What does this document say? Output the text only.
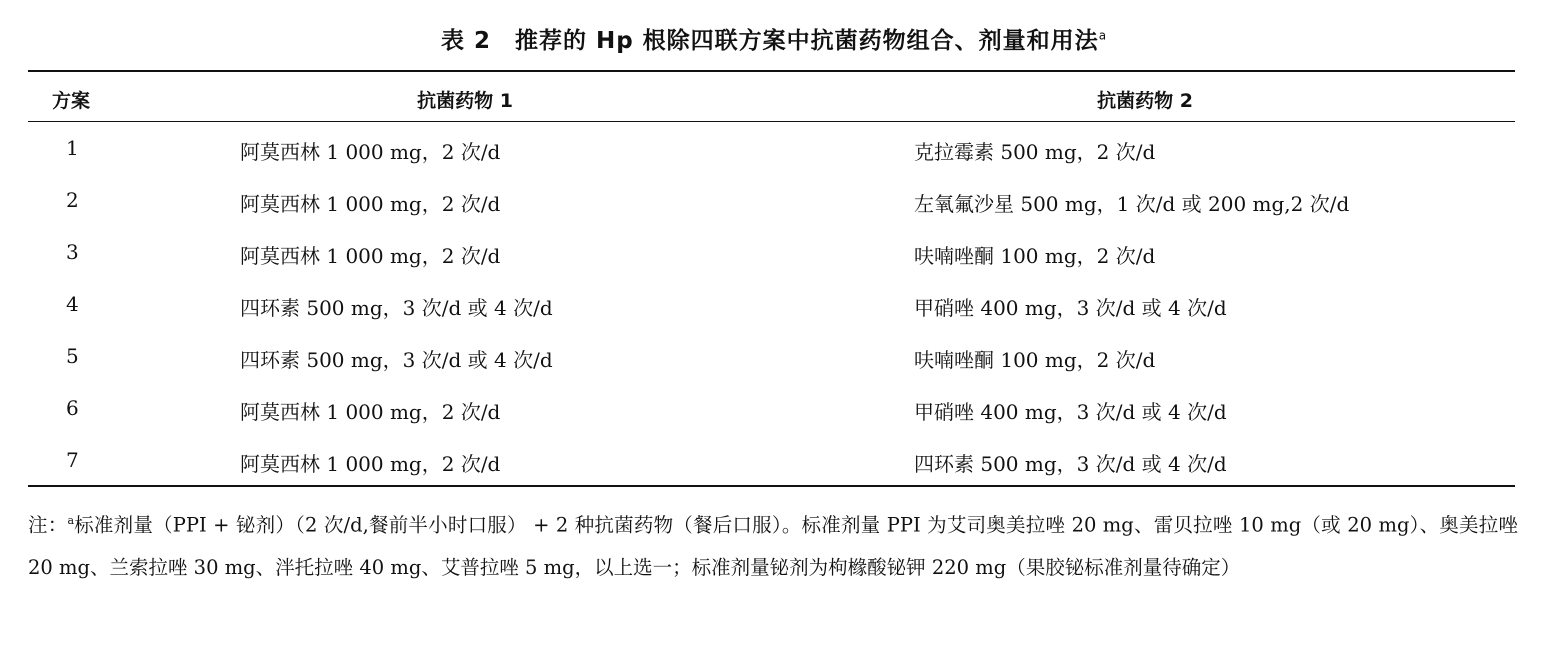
表 2　推荐的 Hp 根除四联方案中抗菌药物组合、剂量和用法$^a$
方案	抗菌药物 1	抗菌药物 2
1	阿莫西林 1 000 mg，2 次/d	克拉霉素 500 mg，2 次/d
2	阿莫西林 1 000 mg，2 次/d	左氧氟沙星 500 mg，1 次/d 或 200 mg,2 次/d
3	阿莫西林 1 000 mg，2 次/d	呋喃唑酮 100 mg，2 次/d
4	四环素 500 mg，3 次/d 或 4 次/d	甲硝唑 400 mg，3 次/d 或 4 次/d
5	四环素 500 mg，3 次/d 或 4 次/d	呋喃唑酮 100 mg，2 次/d
6	阿莫西林 1 000 mg，2 次/d	甲硝唑 400 mg，3 次/d 或 4 次/d
7	阿莫西林 1 000 mg，2 次/d	四环素 500 mg，3 次/d 或 4 次/d
注：$^a$标准剂量（PPI + 铋剂）（2 次/d,餐前半小时口服） + 2 种抗菌药物（餐后口服）。标准剂量 PPI 为艾司奥美拉唑 20 mg、雷贝拉唑 10 mg（或 20 mg）、奥美拉唑 20 mg、兰索拉唑 30 mg、泮托拉唑 40 mg、艾普拉唑 5 mg，以上选一；标准剂量铋剂为枸橼酸铋钾 220 mg（果胶铋标准剂量待确定）
